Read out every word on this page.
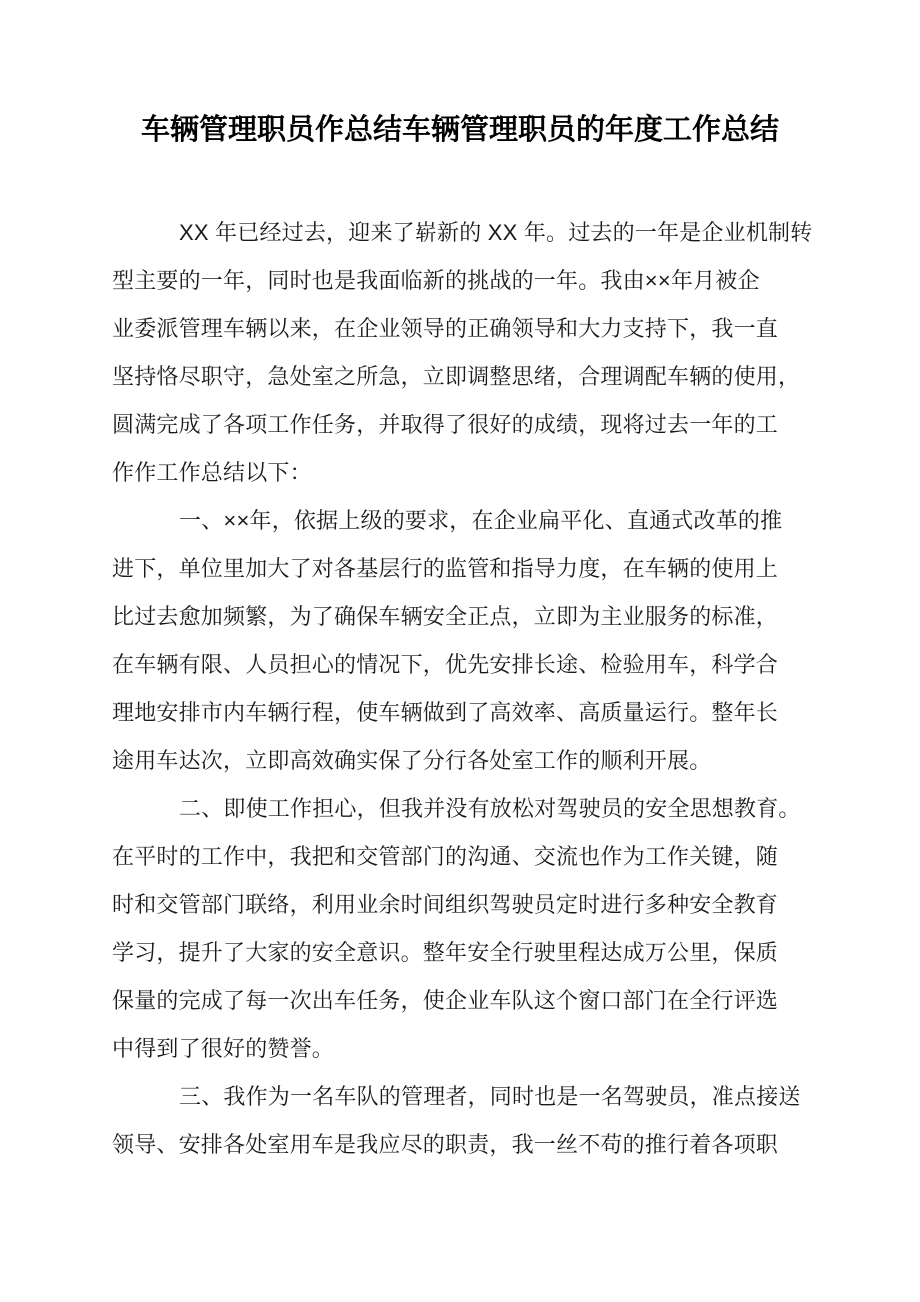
车辆管理职员作总结车辆管理职员的年度工作总结
XX 年已经过去，迎来了崭新的 XX 年。过去的一年是企业机制转
型主要的一年，同时也是我面临新的挑战的一年。我由××年月被企
业委派管理车辆以来，在企业领导的正确领导和大力支持下，我一直
坚持恪尽职守，急处室之所急，立即调整思绪，合理调配车辆的使用，
圆满完成了各项工作任务，并取得了很好的成绩，现将过去一年的工
作作工作总结以下：
一、××年，依据上级的要求，在企业扁平化、直通式改革的推
进下，单位里加大了对各基层行的监管和指导力度，在车辆的使用上
比过去愈加频繁，为了确保车辆安全正点，立即为主业服务的标准，
在车辆有限、人员担心的情况下，优先安排长途、检验用车，科学合
理地安排市内车辆行程，使车辆做到了高效率、高质量运行。整年长
途用车达次，立即高效确实保了分行各处室工作的顺利开展。
二、即使工作担心，但我并没有放松对驾驶员的安全思想教育。
在平时的工作中，我把和交管部门的沟通、交流也作为工作关键，随
时和交管部门联络，利用业余时间组织驾驶员定时进行多种安全教育
学习，提升了大家的安全意识。整年安全行驶里程达成万公里，保质
保量的完成了每一次出车任务，使企业车队这个窗口部门在全行评选
中得到了很好的赞誉。
三、我作为一名车队的管理者，同时也是一名驾驶员，准点接送
领导、安排各处室用车是我应尽的职责，我一丝不苟的推行着各项职
